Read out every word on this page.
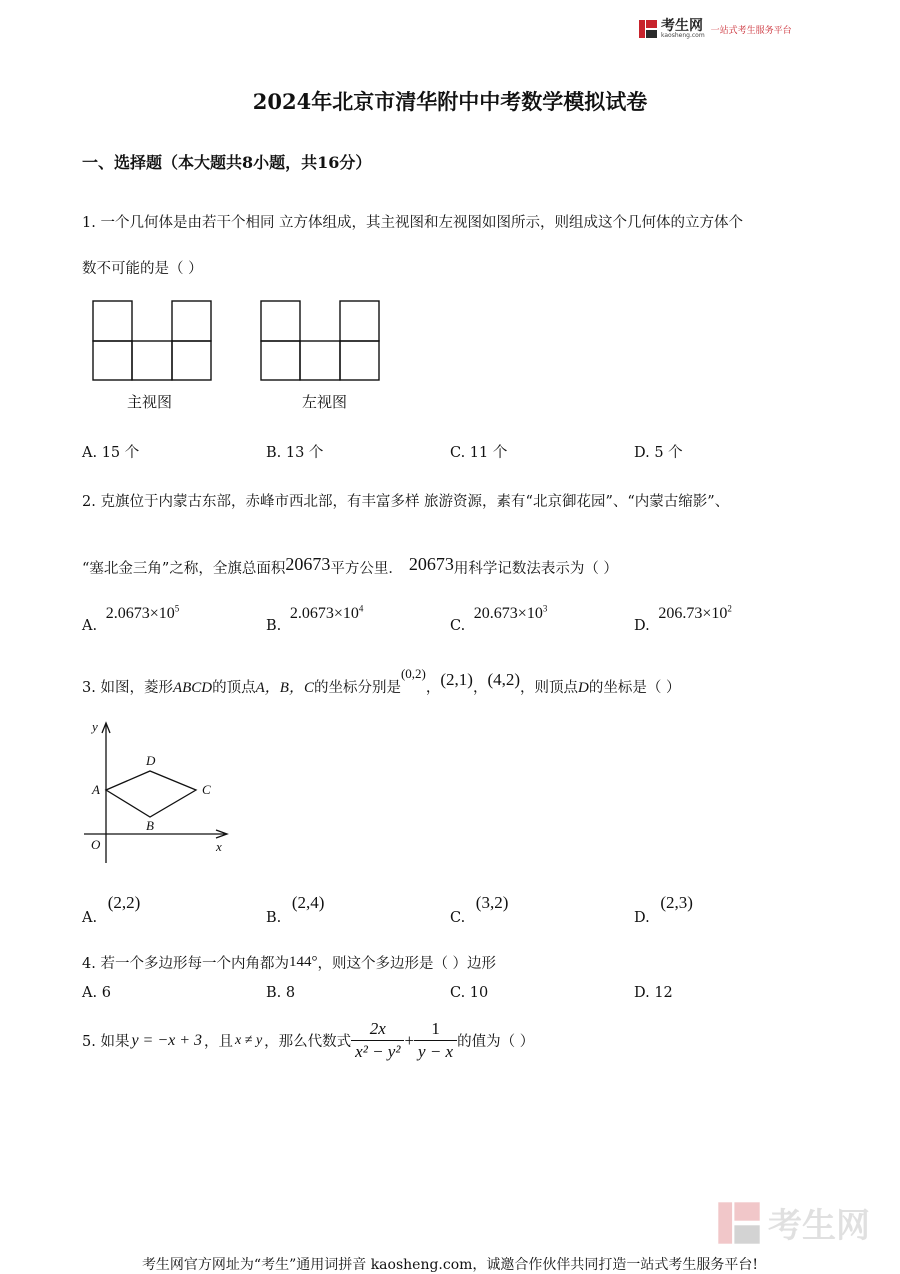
考生网
kaosheng.com 一站式考生服务平台
2024年北京市清华附中中考数学模拟试卷
一、选择题（本大题共8小题，共16分）
1. 一个几何体是由若干个相同 立方体组成，其主视图和左视图如图所示，则组成这个几何体的立方体个
数不可能的是（ ）
主视图	左视图
A. 15 个	B. 13 个	C. 11 个	D. 5 个
2. 克旗位于内蒙古东部，赤峰市西北部，有丰富多样 旅游资源，素有“北京御花园”、“内蒙古缩影”、
“塞北金三角”之称，全旗总面积20673平方公里． 20673用科学记数法表示为（ ）
A. $2.0673\times 10^5$
B. $2.0673\times 10^4$
C. $20.673\times 10^3$
D. $206.73\times 10^2$
3. 如图，菱形ABCD的顶点A，B，C的坐标分别是(0,2)，(2,1)，(4,2)，则顶点D的坐标是（ ）
y
x
O
A
B
C
D
A. (2,2)
B. (2,4)
C. (3,2)
D. (2,3)
4. 若一个多边形每一个内角都为144°，则这个多边形是（ ）边形
A. 6	B. 8	C. 10	D. 12
5. 如果 y = −x + 3 ，且 x ≠ y ，那么代数式 $\frac{2x}{\text{x² − y²}} + \frac{1}{y - x}$ 的值为（ ）
考生网
考生网官方网址为“考生”通用词拼音 kaosheng.com，诚邀合作伙伴共同打造一站式考生服务平台!
